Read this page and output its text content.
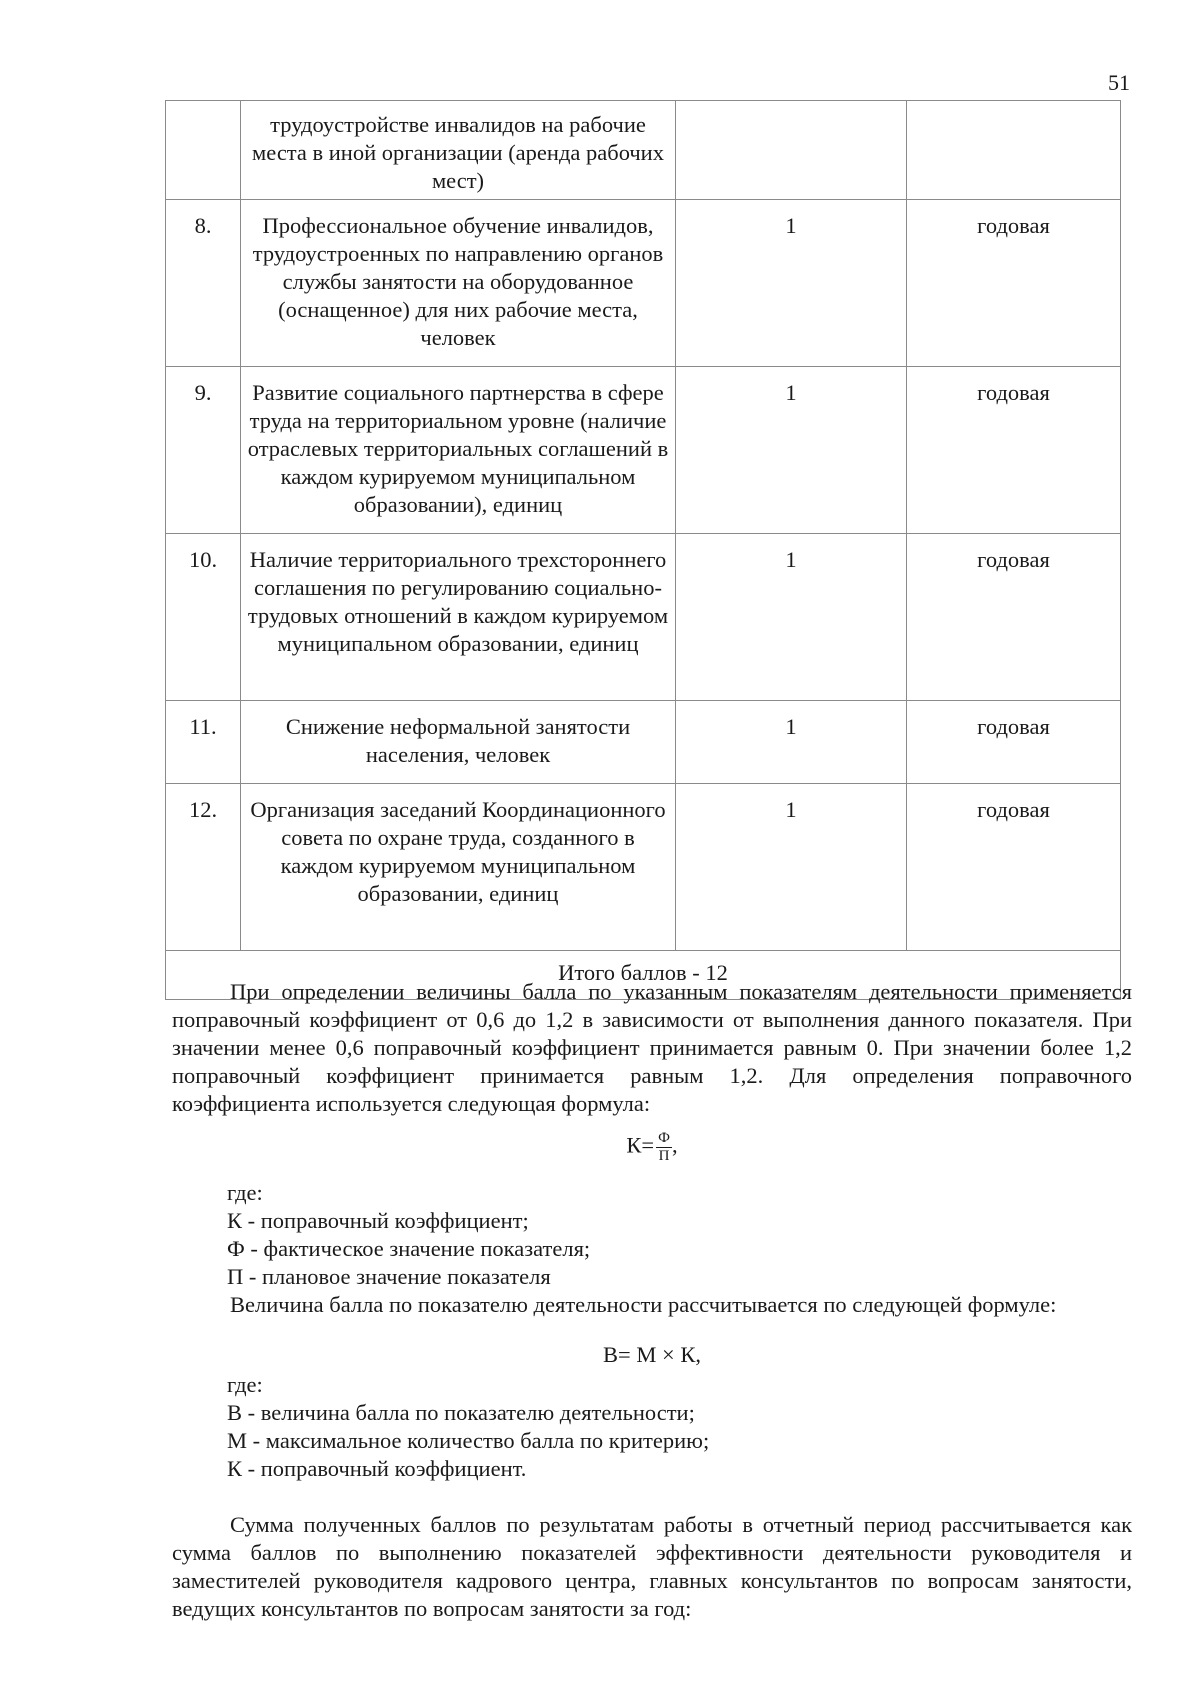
51
	трудоустройстве инвалидов на рабочие места в иной организации (аренда рабочих мест)		
8.	Профессиональное обучение инвалидов, трудоустроенных по направлению органов службы занятости на оборудованное (оснащенное) для них рабочие места, человек	1	годовая
9.	Развитие социального партнерства в сфере труда на территориальном уровне (наличие отраслевых территориальных соглашений в каждом курируемом муниципальном образовании), единиц	1	годовая
10.	Наличие территориального трехстороннего соглашения по регулированию социально-трудовых отношений в каждом курируемом муниципальном образовании, единиц	1	годовая
11.	Снижение неформальной занятости населения, человек	1	годовая
12.	Организация заседаний Координационного совета по охране труда, созданного в каждом курируемом муниципальном образовании, единиц	1	годовая
Итого баллов - 12			

При определении величины балла по указанным показателям деятельности применяется поправочный коэффициент от 0,6 до 1,2 в зависимости от выполнения данного показателя. При значении менее 0,6 поправочный коэффициент принимается равным 0. При значении более 1,2 поправочный коэффициент принимается равным 1,2. Для определения поправочного коэффициента используется следующая формула:

$К= \frac{Ф}{П}$ ,

где:

К - поправочный коэффициент;

Ф - фактическое значение показателя;

П - плановое значение показателя

Величина балла по показателю деятельности рассчитывается по следующей формуле:

В= М × К,

где:

В - величина балла по показателю деятельности;

М - максимальное количество балла по критерию;

К - поправочный коэффициент.

Сумма полученных баллов по результатам работы в отчетный период рассчитывается как сумма баллов по выполнению показателей эффективности деятельности руководителя и заместителей руководителя кадрового центра, главных консультантов по вопросам занятости, ведущих консультантов по вопросам занятости за год:
